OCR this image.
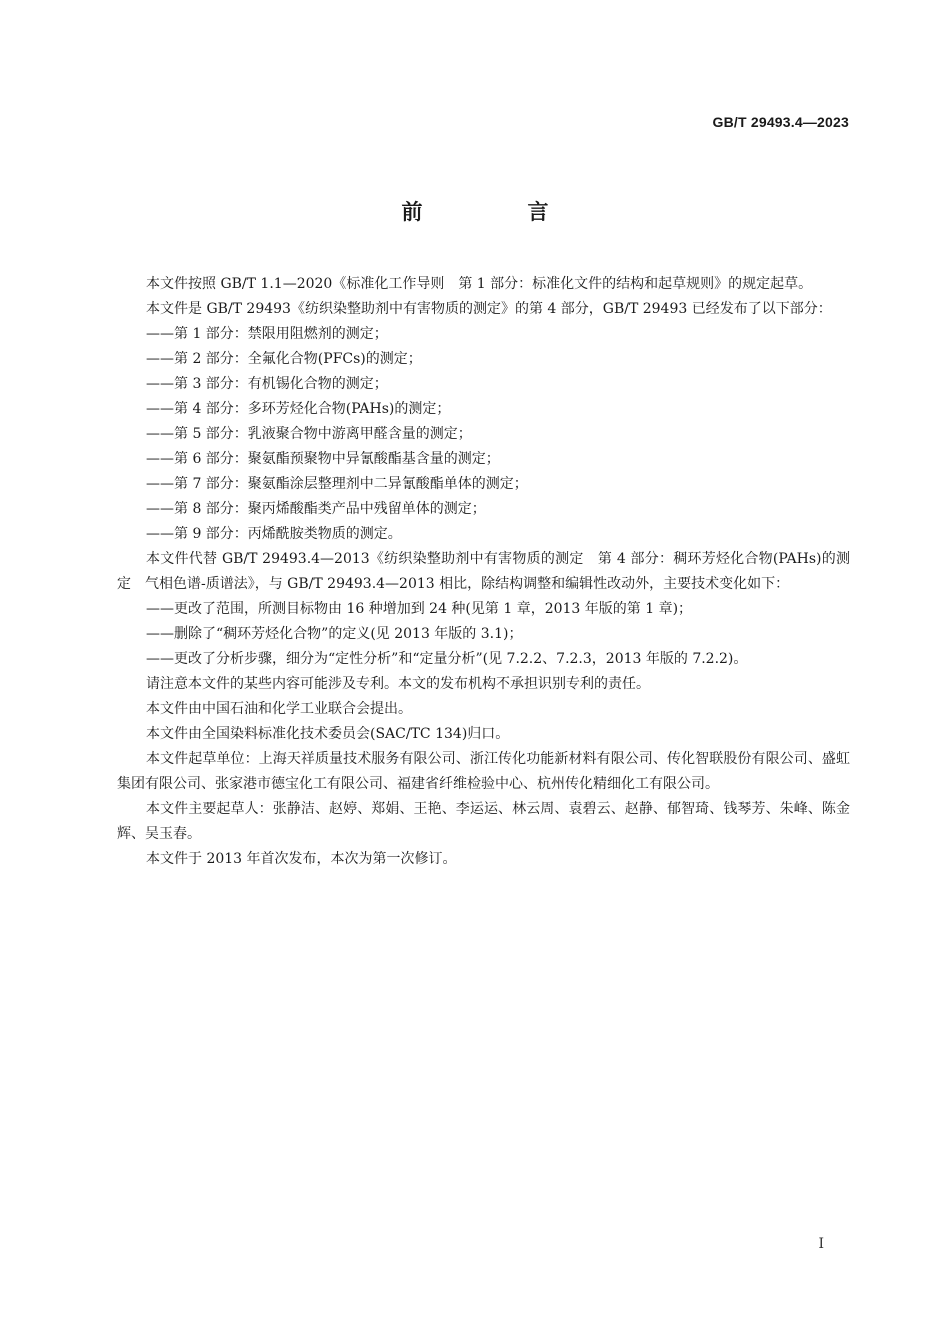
GB/T 29493.4—2023
前　言

本文件按照 GB/T 1.1—2020《标准化工作导则　第 1 部分：标准化文件的结构和起草规则》的规定起草。

本文件是 GB/T 29493《纺织染整助剂中有害物质的测定》的第 4 部分，GB/T 29493 已经发布了以下部分：

——第 1 部分：禁限用阻燃剂的测定；

——第 2 部分：全氟化合物(PFCs)的测定；

——第 3 部分：有机锡化合物的测定；

——第 4 部分：多环芳烃化合物(PAHs)的测定；

——第 5 部分：乳液聚合物中游离甲醛含量的测定；

——第 6 部分：聚氨酯预聚物中异氰酸酯基含量的测定；

——第 7 部分：聚氨酯涂层整理剂中二异氰酸酯单体的测定；

——第 8 部分：聚丙烯酸酯类产品中残留单体的测定；

——第 9 部分：丙烯酰胺类物质的测定。

本文件代替 GB/T 29493.4—2013《纺织染整助剂中有害物质的测定　第 4 部分：稠环芳烃化合物(PAHs)的测定　气相色谱-质谱法》，与 GB/T 29493.4—2013 相比，除结构调整和编辑性改动外，主要技术变化如下：

——更改了范围，所测目标物由 16 种增加到 24 种(见第 1 章，2013 年版的第 1 章)；

——删除了“稠环芳烃化合物”的定义(见 2013 年版的 3.1)；

——更改了分析步骤，细分为“定性分析”和“定量分析”(见 7.2.2、7.2.3，2013 年版的 7.2.2)。

请注意本文件的某些内容可能涉及专利。本文的发布机构不承担识别专利的责任。

本文件由中国石油和化学工业联合会提出。

本文件由全国染料标准化技术委员会(SAC/TC 134)归口。

本文件起草单位：上海天祥质量技术服务有限公司、浙江传化功能新材料有限公司、传化智联股份有限公司、盛虹集团有限公司、张家港市德宝化工有限公司、福建省纤维检验中心、杭州传化精细化工有限公司。

本文件主要起草人：张静洁、赵婷、郑娟、王艳、李运运、林云周、袁碧云、赵静、郁智琦、钱琴芳、朱峰、陈金辉、吴玉春。

本文件于 2013 年首次发布，本次为第一次修订。

I
